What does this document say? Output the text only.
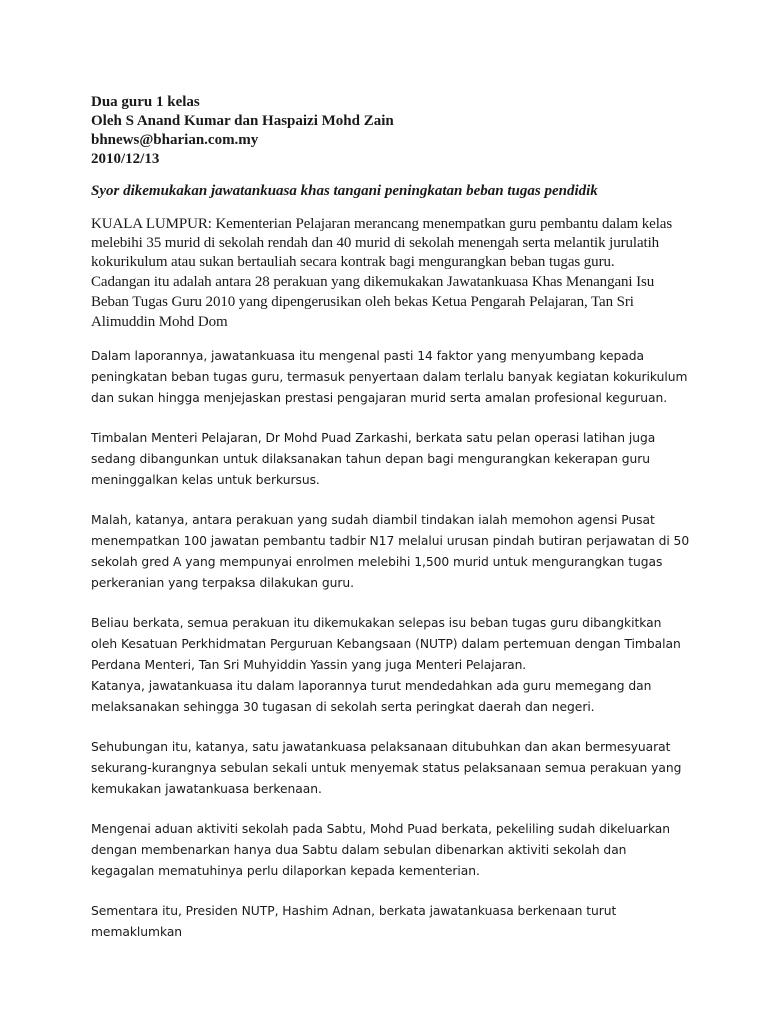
Dua guru 1 kelas
Oleh S Anand Kumar dan Haspaizi Mohd Zain
bhnews@bharian.com.my
2010/12/13
Syor dikemukakan jawatankuasa khas tangani peningkatan beban tugas pendidik
KUALA LUMPUR: Kementerian Pelajaran merancang menempatkan guru pembantu dalam kelas melebihi 35 murid di sekolah rendah dan 40 murid di sekolah menengah serta melantik jurulatih kokurikulum atau sukan bertauliah secara kontrak bagi mengurangkan beban tugas guru.
Cadangan itu adalah antara 28 perakuan yang dikemukakan Jawatankuasa Khas Menangani Isu Beban Tugas Guru 2010 yang dipengerusikan oleh bekas Ketua Pengarah Pelajaran, Tan Sri Alimuddin Mohd Dom
Dalam laporannya, jawatankuasa itu mengenal pasti 14 faktor yang menyumbang kepada peningkatan beban tugas guru, termasuk penyertaan dalam terlalu banyak kegiatan kokurikulum dan sukan hingga menjejaskan prestasi pengajaran murid serta amalan profesional keguruan.
Timbalan Menteri Pelajaran, Dr Mohd Puad Zarkashi, berkata satu pelan operasi latihan juga sedang dibangunkan untuk dilaksanakan tahun depan bagi mengurangkan kekerapan guru meninggalkan kelas untuk berkursus.
Malah, katanya, antara perakuan yang sudah diambil tindakan ialah memohon agensi Pusat menempatkan 100 jawatan pembantu tadbir N17 melalui urusan pindah butiran perjawatan di 50 sekolah gred A yang mempunyai enrolmen melebihi 1,500 murid untuk mengurangkan tugas perkeranian yang terpaksa dilakukan guru.
Beliau berkata, semua perakuan itu dikemukakan selepas isu beban tugas guru dibangkitkan oleh Kesatuan Perkhidmatan Perguruan Kebangsaan (NUTP) dalam pertemuan dengan Timbalan Perdana Menteri, Tan Sri Muhyiddin Yassin yang juga Menteri Pelajaran.
Katanya, jawatankuasa itu dalam laporannya turut mendedahkan ada guru memegang dan melaksanakan sehingga 30 tugasan di sekolah serta peringkat daerah dan negeri.
Sehubungan itu, katanya, satu jawatankuasa pelaksanaan ditubuhkan dan akan bermesyuarat sekurang-kurangnya sebulan sekali untuk menyemak status pelaksanaan semua perakuan yang kemukakan jawatankuasa berkenaan.
Mengenai aduan aktiviti sekolah pada Sabtu, Mohd Puad berkata, pekeliling sudah dikeluarkan dengan membenarkan hanya dua Sabtu dalam sebulan dibenarkan aktiviti sekolah dan kegagalan mematuhinya perlu dilaporkan kepada kementerian.
Sementara itu, Presiden NUTP, Hashim Adnan, berkata jawatankuasa berkenaan turut memaklumkan
